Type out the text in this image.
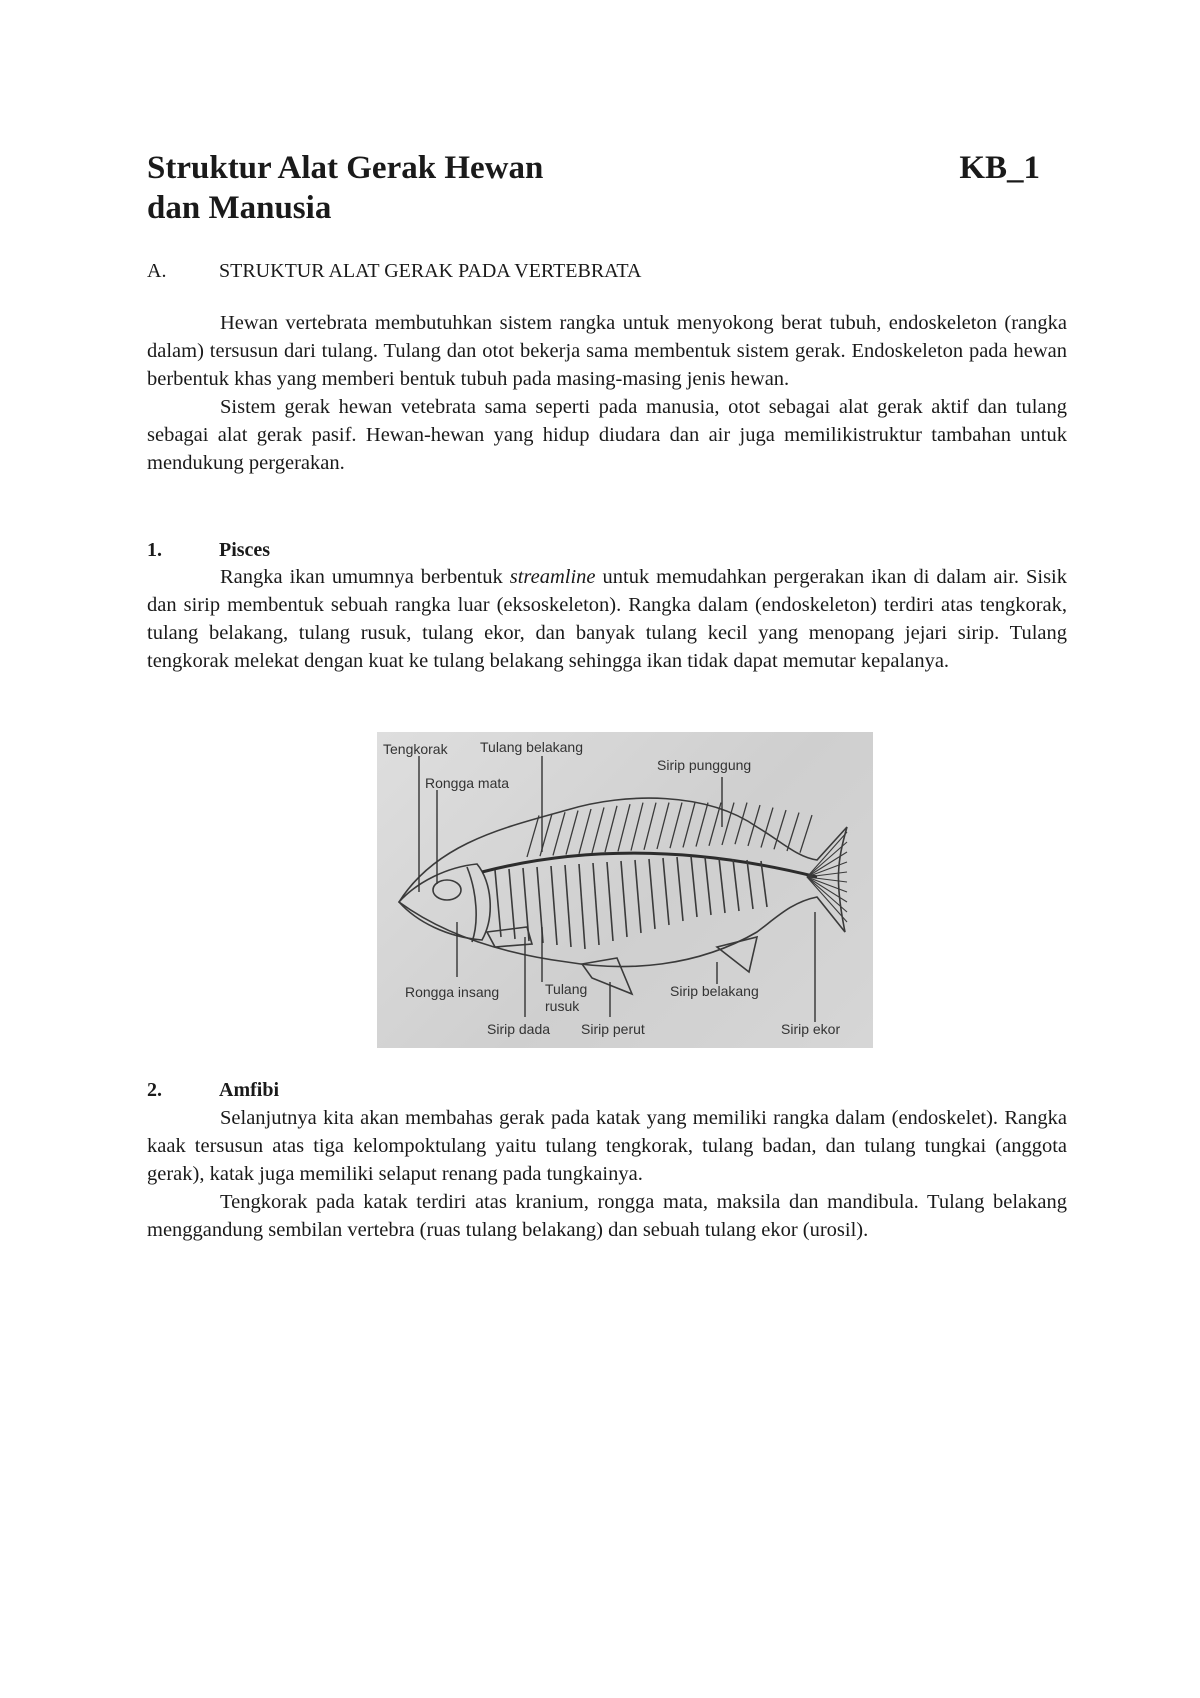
Struktur Alat Gerak Hewan
dan Manusia
KB_1
A.	STRUKTUR ALAT GERAK PADA VERTEBRATA

Hewan vertebrata membutuhkan sistem rangka untuk menyokong berat tubuh, endoskeleton (rangka dalam) tersusun dari tulang. Tulang dan otot bekerja sama membentuk sistem gerak. Endoskeleton pada hewan berbentuk khas yang memberi bentuk tubuh pada masing-masing jenis hewan.

Sistem gerak hewan vetebrata sama seperti pada manusia, otot sebagai alat gerak aktif dan tulang sebagai alat gerak pasif. Hewan-hewan yang hidup diudara dan air juga memilikistruktur tambahan untuk mendukung pergerakan.

1.	Pisces

Rangka ikan umumnya berbentuk streamline untuk memudahkan pergerakan ikan di dalam air. Sisik dan sirip membentuk sebuah rangka luar (eksoskeleton). Rangka dalam (endoskeleton) terdiri atas tengkorak, tulang belakang, tulang rusuk, tulang ekor, dan banyak tulang kecil yang menopang jejari sirip. Tulang tengkorak melekat dengan kuat ke tulang belakang sehingga ikan tidak dapat memutar kepalanya.

Tengkorak Tulang belakang
Sirip punggung
Rongga mata
Rongga insang	Tulang
rusuk
Sirip belakang
Sirip dada Sirip perut	Sirip ekor
2.	Amfibi

Selanjutnya kita akan membahas gerak pada katak yang memiliki rangka dalam (endoskelet). Rangka kaak tersusun atas tiga kelompoktulang yaitu tulang tengkorak, tulang badan, dan tulang tungkai (anggota gerak), katak juga memiliki selaput renang pada tungkainya.

Tengkorak pada katak terdiri atas kranium, rongga mata, maksila dan mandibula. Tulang belakang menggandung sembilan vertebra (ruas tulang belakang) dan sebuah tulang ekor (urosil).
